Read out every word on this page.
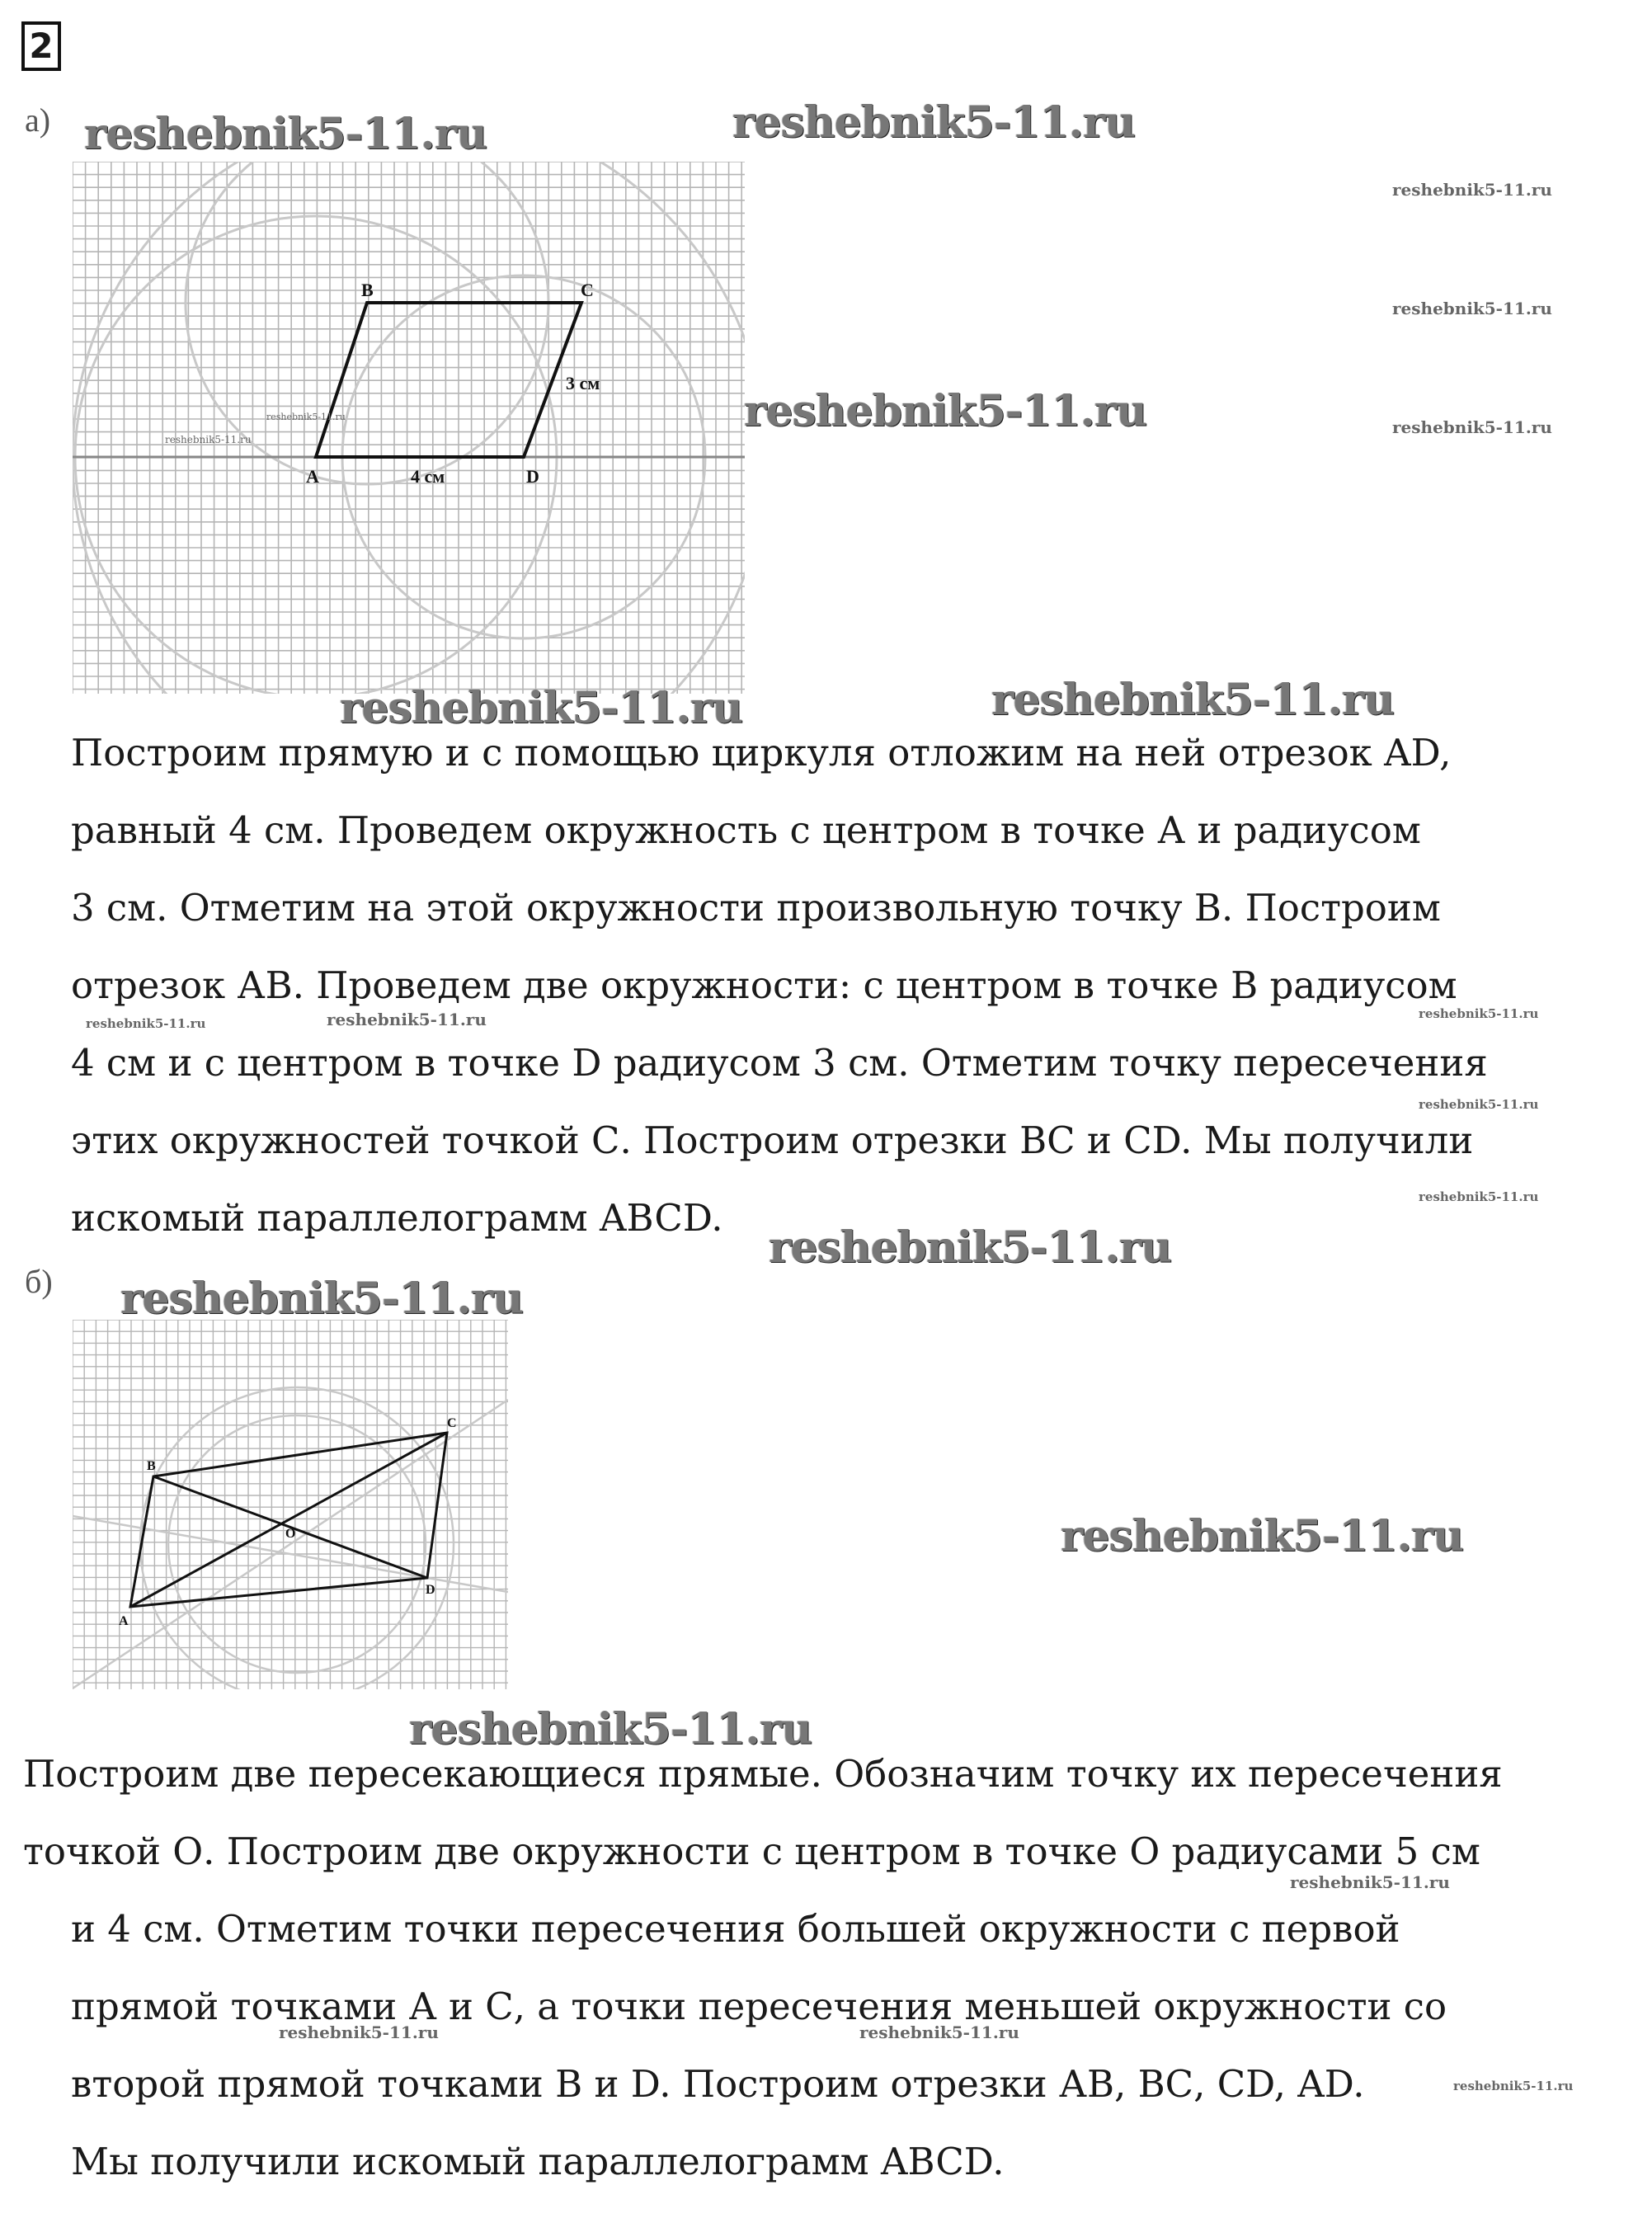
2
а)
A
B	C
D
4 см
3 см
reshebnik5-11.ru
reshebnik5-11.ru
Построим прямую и с помощью циркуля отложим на ней отрезок AD,
равный 4 см. Проведем окружность с центром в точке А и радиусом
3 см. Отметим на этой окружности произвольную точку В. Построим
отрезок АВ. Проведем две окружности: с центром в точке В радиусом
4 см и с центром в точке D радиусом 3 см. Отметим точку пересечения
этих окружностей точкой С. Построим отрезки ВС и CD. Мы получили
искомый параллелограмм ABCD.
б)
A
B
C
D
O
Построим две пересекающиеся прямые. Обозначим точку их пересечения
точкой О. Построим две окружности с центром в точке О радиусами 5 см
и 4 см. Отметим точки пересечения большей окружности с первой
прямой точками А и С, а точки пересечения меньшей окружности со
второй прямой точками В и D. Построим отрезки АВ, ВС, CD, AD.
Мы получили искомый параллелограмм ABCD.
reshebnik5-11.ru	reshebnik5-11.ru
reshebnik5-11.ru
reshebnik5-11.ru
reshebnik5-11.ru	reshebnik5-11.ru
reshebnik5-11.ru	reshebnik5-11.ru
reshebnik5-11.ru	reshebnik5-11.ru	reshebnik5-11.ru
reshebnik5-11.ru
reshebnik5-11.ru
reshebnik5-11.ru
reshebnik5-11.ru
reshebnik5-11.ru
reshebnik5-11.ru
reshebnik5-11.ru
reshebnik5-11.ru	reshebnik5-11.ru
reshebnik5-11.ru
